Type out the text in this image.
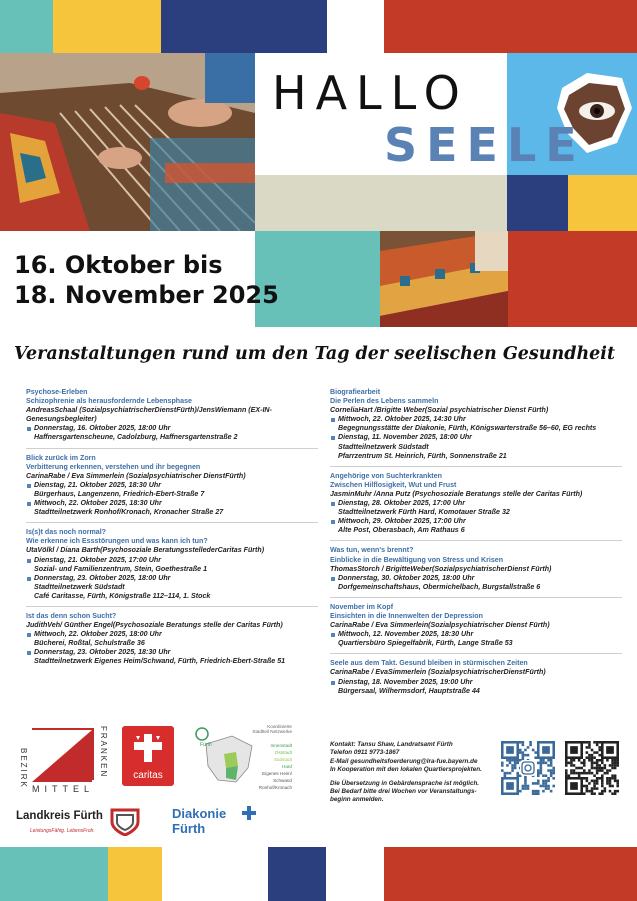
HALLO
SEELE
16. Oktober bis
18. November 2025
Veranstaltungen rund um den Tag der seelischen Gesundheit
Psychose-Erleben
Schizophrenie als herausfordernde Lebensphase
AndreasSchaal (SozialpsychiatrischerDienstFürth)/JensWiemann (EX-IN-Genesungsbegleiter)
Donnerstag, 16. Oktober 2025, 18:00 Uhr
Haffnersgartenscheune, Cadolzburg, Haffnersgartenstraße 2
Blick zurück im Zorn
Verbitterung erkennen, verstehen und ihr begegnen
CarinaRabe / Eva Simmerlein (Sozialpsychiatrischer DienstFürth)
Dienstag, 21. Oktober 2025, 18:30 Uhr
Bürgerhaus, Langenzenn, Friedrich-Ebert-Straße 7
Mittwoch, 22. Oktober 2025, 18:30 Uhr
Stadtteilnetzwerk Ronhof/Kronach, Kronacher Straße 27
Is(s)t das noch normal?
Wie erkenne ich Essstörungen und was kann ich tun?
UtaVölkl / Diana Barth(Psychosoziale BeratungsstellederCaritas Fürth)
Dienstag, 21. Oktober 2025, 17:00 Uhr
Sozial- und Familienzentrum, Stein, Goethestraße 1
Donnerstag, 23. Oktober 2025, 18:00 Uhr
Stadtteilnetzwerk Südstadt
Café Caritasse, Fürth, Königstraße 112–114, 1. Stock
Ist das denn schon Sucht?
JudithVeh/ Günther Engel(Psychosoziale Beratungs stelle der Caritas Fürth)
Mittwoch, 22. Oktober 2025, 18:00 Uhr
Bücherei, Roßtal, Schulstraße 36
Donnerstag, 23. Oktober 2025, 18:30 Uhr
Stadtteilnetzwerk Eigenes Heim/Schwand, Fürth, Friedrich-Ebert-Straße 51
Biografiearbeit
Die Perlen des Lebens sammeln
CorneliaHart /Brigitte Weber(Sozial psychiatrischer Dienst Fürth)
Mittwoch, 22. Oktober 2025, 14:30 Uhr
Begegnungsstätte der Diakonie, Fürth, Königswarterstraße 56–60, EG rechts
Dienstag, 11. November 2025, 18:00 Uhr
Stadtteilnetzwerk Südstadt
Pfarrzentrum St. Heinrich, Fürth, Sonnenstraße 21
Angehörige von Suchterkrankten
Zwischen Hilflosigkeit, Wut und Frust
JasminMuhr /Anna Putz (Psychosoziale Beratungs stelle der Caritas Fürth)
Dienstag, 28. Oktober 2025, 17:00 Uhr
Stadtteilnetzwerk Fürth Hard, Komotauer Straße 32
Mittwoch, 29. Oktober 2025, 17:00 Uhr
Alte Post, Oberasbach, Am Rathaus 6
Was tun, wenn's brennt?
Einblicke in die Bewältigung von Stress und Krisen
ThomasStorch / BrigitteWeber(SozialpsychiatrischerDienst Fürth)
Donnerstag, 30. Oktober 2025, 18:00 Uhr
Dorfgemeinschaftshaus, Obermichelbach, Burgstallstraße 6
November im Kopf
Einsichten in die Innenwelten der Depression
CarinaRabe / Eva Simmerlein(Sozialpsychiatrischer Dienst Fürth)
Mittwoch, 12. November 2025, 18:30 Uhr
Quartiersbüro Spiegelfabrik, Fürth, Lange Straße 53
Seele aus dem Takt. Gesund bleiben in stürmischen Zeiten
CarinaRabe / EvaSimmerlein (SozialpsychiatrischerDienstFürth)
Dienstag, 18. November 2025, 19:00 Uhr
Bürgersaal, Wilhermsdorf, Hauptstraße 44
BEZIRK
MITTEL
FRANKEN	caritas
Fürth
Koordinierte Stadtteil Netzwerke
Innenstadt
Oststadt
Südstadt
Hard
Eigenes Heim/ Schwand
Ronhof/Kronach
Landkreis Fürth
LeistungsFähig. LebensFroh.
Diakonie
Fürth
Kontakt: Tansu Shaw, Landratsamt Fürth
Telefon 0911 9773-1867
E-Mail gesundheitsfoerderung@lra-fue.bayern.de
In Kooperation mit den lokalen Quartiersprojekten.
Die Übersetzung in Gebärdensprache ist möglich.
Bei Bedarf bitte drei Wochen vor Veranstaltungs-
beginn anmelden.
